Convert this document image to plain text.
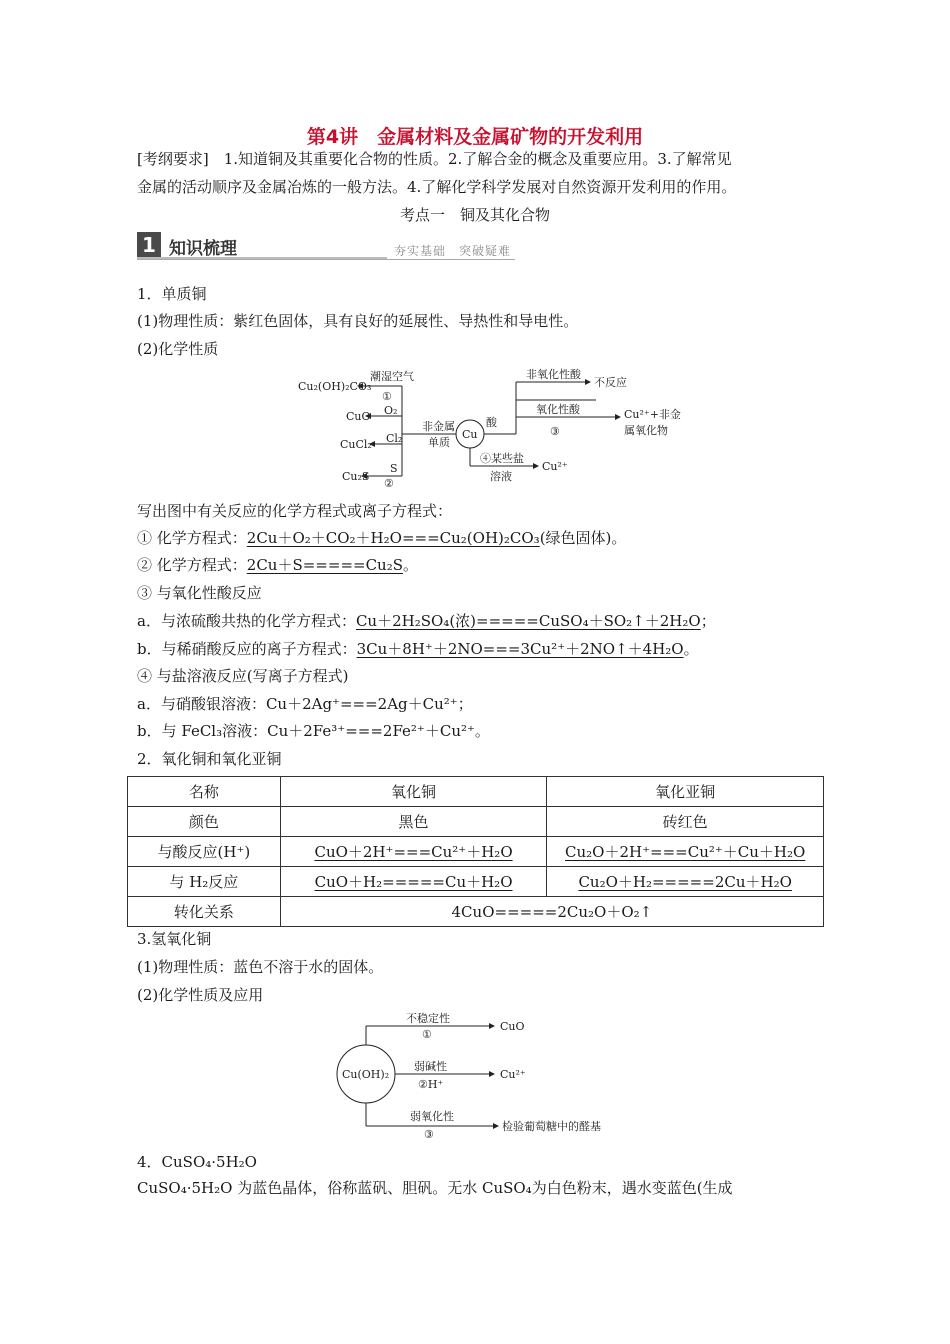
第4讲　金属材料及金属矿物的开发利用
[考纲要求]　1.知道铜及其重要化合物的性质。2.了解合金的概念及重要应用。3.了解常见
金属的活动顺序及金属冶炼的一般方法。4.了解化学科学发展对自然资源开发利用的作用。
考点一　铜及其化合物
1 知识梳理	夯实基础　突破疑难
1．单质铜
(1)物理性质：紫红色固体，具有良好的延展性、导热性和导电性。
(2)化学性质
Cu₂(OH)₂CO₃
CuO
CuCl₂
Cu₂S
潮湿空气
①
O₂
Cl₂
S
②
非金属
单质
Cu
酸
非氧化性酸
不反应
氧化性酸
③
Cu²⁺+非金
属氧化物
④某些盐
溶液
Cu²⁺
写出图中有关反应的化学方程式或离子方程式：
① 化学方程式：2Cu＋O₂＋CO₂＋H₂O===Cu₂(OH)₂CO₃(绿色固体)。
② 化学方程式：2Cu＋S=====Cu₂S。
③ 与氧化性酸反应
a．与浓硫酸共热的化学方程式：Cu＋2H₂SO₄(浓)=====CuSO₄＋SO₂↑＋2H₂O；
b．与稀硝酸反应的离子方程式：3Cu＋8H⁺＋2NO===3Cu²⁺＋2NO↑＋4H₂O。
④ 与盐溶液反应(写离子方程式)
a．与硝酸银溶液：Cu＋2Ag⁺===2Ag＋Cu²⁺；
b．与 FeCl₃溶液：Cu＋2Fe³⁺===2Fe²⁺＋Cu²⁺。
2．氧化铜和氧化亚铜
名称	氧化铜	氧化亚铜
颜色	黑色	砖红色
与酸反应(H⁺)	CuO＋2H⁺===Cu²⁺＋H₂O	Cu₂O＋2H⁺===Cu²⁺＋Cu＋H₂O
与 H₂反应	CuO＋H₂=====Cu＋H₂O	Cu₂O＋H₂=====2Cu＋H₂O
转化关系	4CuO=====2Cu₂O＋O₂↑	
3.氢氧化铜
(1)物理性质：蓝色不溶于水的固体。
(2)化学性质及应用
Cu(OH)₂
不稳定性
①
CuO
弱碱性
②H⁺
Cu²⁺
弱氧化性
③
检验葡萄糖中的醛基
4．CuSO₄·5H₂O
CuSO₄·5H₂O 为蓝色晶体，俗称蓝矾、胆矾。无水 CuSO₄为白色粉末，遇水变蓝色(生成
